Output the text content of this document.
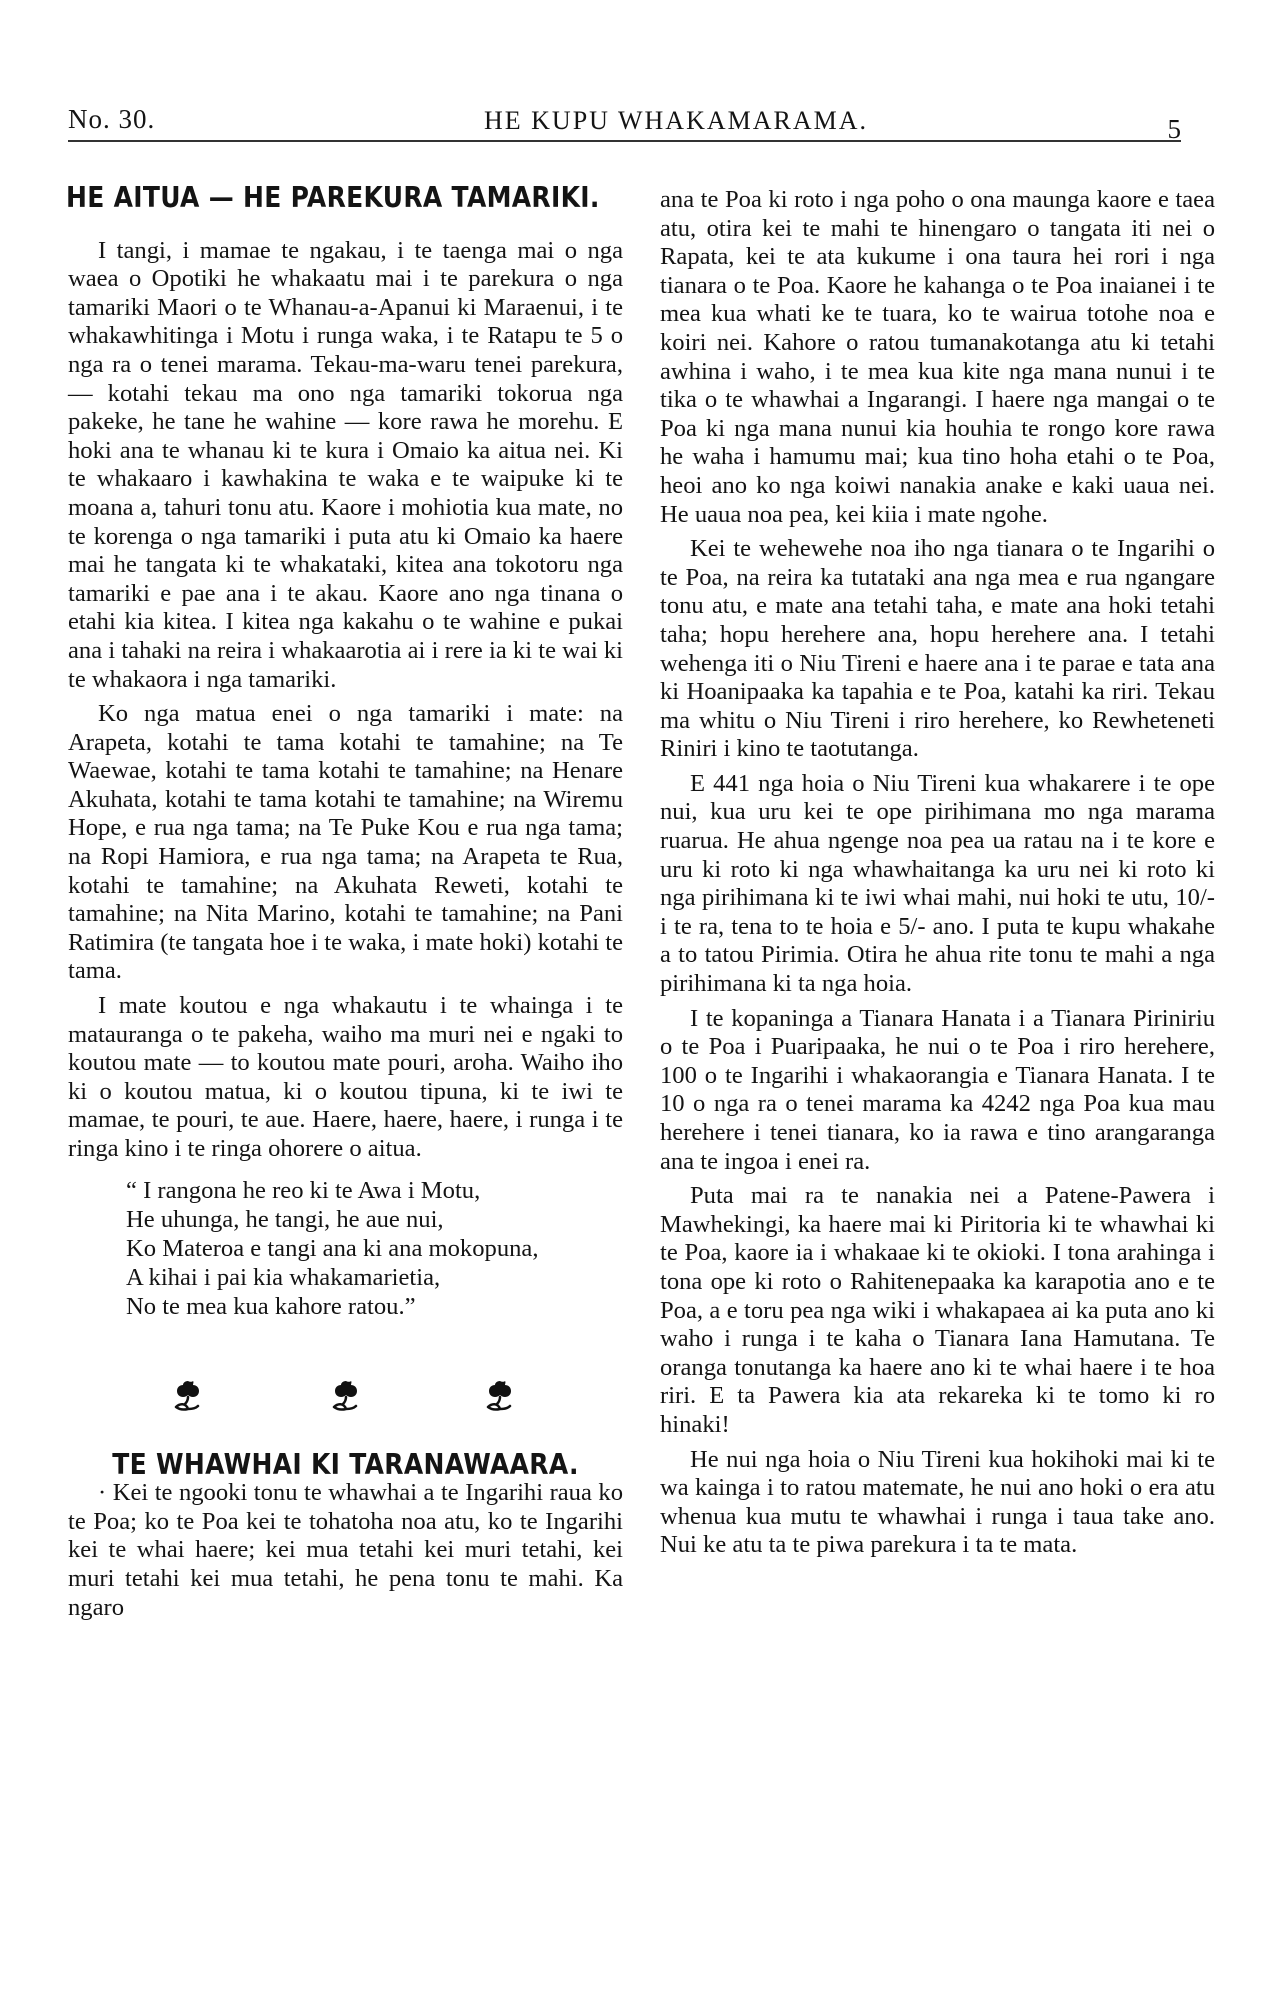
No. 30.	HE KUPU WHAKAMARAMA.	5
HE AITUA — HE PAREKURA TAMARIKI.

I tangi, i mamae te ngakau, i te taenga mai o nga waea o Opotiki he whakaatu mai i te parekura o nga tamariki Maori o te Whanau-a-Apanui ki Maraenui, i te whakawhitinga i Motu i runga waka, i te Ratapu te 5 o nga ra o tenei marama. Tekau-ma-waru tenei parekura,— kotahi tekau ma ono nga tamariki tokorua nga pakeke, he tane he wahine — kore rawa he morehu. E hoki ana te whanau ki te kura i Omaio ka aitua nei. Ki te whakaaro i kawhakina te waka e te waipuke ki te moana a, tahuri tonu atu. Kaore i mohiotia kua mate, no te korenga o nga tamariki i puta atu ki Omaio ka haere mai he tangata ki te whakataki, kitea ana tokotoru nga tamariki e pae ana i te akau. Kaore ano nga tinana o etahi kia kitea. I kitea nga kakahu o te wahine e pukai ana i tahaki na reira i whakaarotia ai i rere ia ki te wai ki te whakaora i nga tamariki.

Ko nga matua enei o nga tamariki i mate: na Arapeta, kotahi te tama kotahi te tamahine; na Te Waewae, kotahi te tama kotahi te tamahine; na Henare Akuhata, kotahi te tama kotahi te tamahine; na Wiremu Hope, e rua nga tama; na Te Puke Kou e rua nga tama; na Ropi Hamiora, e rua nga tama; na Arapeta te Rua, kotahi te tamahine; na Akuhata Reweti, kotahi te tamahine; na Nita Marino, kotahi te tamahine; na Pani Ratimira (te tangata hoe i te waka, i mate hoki) kotahi te tama.

I mate koutou e nga whakautu i te whainga i te matauranga o te pakeha, waiho ma muri nei e ngaki to koutou mate — to koutou mate pouri, aroha. Waiho iho ki o koutou matua, ki o koutou tipuna, ki te iwi te mamae, te pouri, te aue. Haere, haere, haere, i runga i te ringa kino i te ringa ohorere o aitua.

“ I rangona he reo ki te Awa i Motu,
He uhunga, he tangi, he aue nui,
Ko Materoa e tangi ana ki ana mokopuna,
A kihai i pai kia whakamarietia,
No te mea kua kahore ratou.”
TE WHAWHAI KI TARANAWAARA.

· Kei te ngooki tonu te whawhai a te Ingarihi raua ko te Poa; ko te Poa kei te tohatoha noa atu, ko te Ingarihi kei te whai haere; kei mua tetahi kei muri tetahi, kei muri tetahi kei mua tetahi, he pena tonu te mahi. Ka ngaro

ana te Poa ki roto i nga poho o ona maunga kaore e taea atu, otira kei te mahi te hinengaro o tangata iti nei o Rapata, kei te ata kukume i ona taura hei rori i nga tianara o te Poa. Kaore he kahanga o te Poa inaianei i te mea kua whati ke te tuara, ko te wairua totohe noa e koiri nei. Kahore o ratou tumanakotanga atu ki tetahi awhina i waho, i te mea kua kite nga mana nunui i te tika o te whawhai a Ingarangi. I haere nga mangai o te Poa ki nga mana nunui kia houhia te rongo kore rawa he waha i hamumu mai; kua tino hoha etahi o te Poa, heoi ano ko nga koiwi nanakia anake e kaki uaua nei. He uaua noa pea, kei kiia i mate ngohe.

Kei te wehewehe noa iho nga tianara o te Ingarihi o te Poa, na reira ka tutataki ana nga mea e rua ngangare tonu atu, e mate ana tetahi taha, e mate ana hoki tetahi taha; hopu herehere ana, hopu herehere ana. I tetahi wehenga iti o Niu Tireni e haere ana i te parae e tata ana ki Hoanipaaka ka tapahia e te Poa, katahi ka riri. Tekau ma whitu o Niu Tireni i riro herehere, ko Rewheteneti Riniri i kino te taotutanga.

E 441 nga hoia o Niu Tireni kua whakarere i te ope nui, kua uru kei te ope pirihimana mo nga marama ruarua. He ahua ngenge noa pea ua ratau na i te kore e uru ki roto ki nga whawhaitanga ka uru nei ki roto ki nga pirihimana ki te iwi whai mahi, nui hoki te utu, 10/- i te ra, tena to te hoia e 5/- ano. I puta te kupu whakahe a to tatou Pirimia. Otira he ahua rite tonu te mahi a nga pirihimana ki ta nga hoia.

I te kopaninga a Tianara Hanata i a Tianara Piriniriu o te Poa i Puaripaaka, he nui o te Poa i riro herehere, 100 o te Ingarihi i whakaorangia e Tianara Hanata. I te 10 o nga ra o tenei marama ka 4242 nga Poa kua mau herehere i tenei tianara, ko ia rawa e tino arangaranga ana te ingoa i enei ra.

Puta mai ra te nanakia nei a Patene-Pawera i Mawhekingi, ka haere mai ki Piritoria ki te whawhai ki te Poa, kaore ia i whakaae ki te okioki. I tona arahinga i tona ope ki roto o Rahitenepaaka ka karapotia ano e te Poa, a e toru pea nga wiki i whakapaea ai ka puta ano ki waho i runga i te kaha o Tianara Iana Hamutana. Te oranga tonutanga ka haere ano ki te whai haere i te hoa riri. E ta Pawera kia ata rekareka ki te tomo ki ro hinaki!

He nui nga hoia o Niu Tireni kua hokihoki mai ki te wa kainga i to ratou matemate, he nui ano hoki o era atu whenua kua mutu te whawhai i runga i taua take ano. Nui ke atu ta te piwa parekura i ta te mata.
